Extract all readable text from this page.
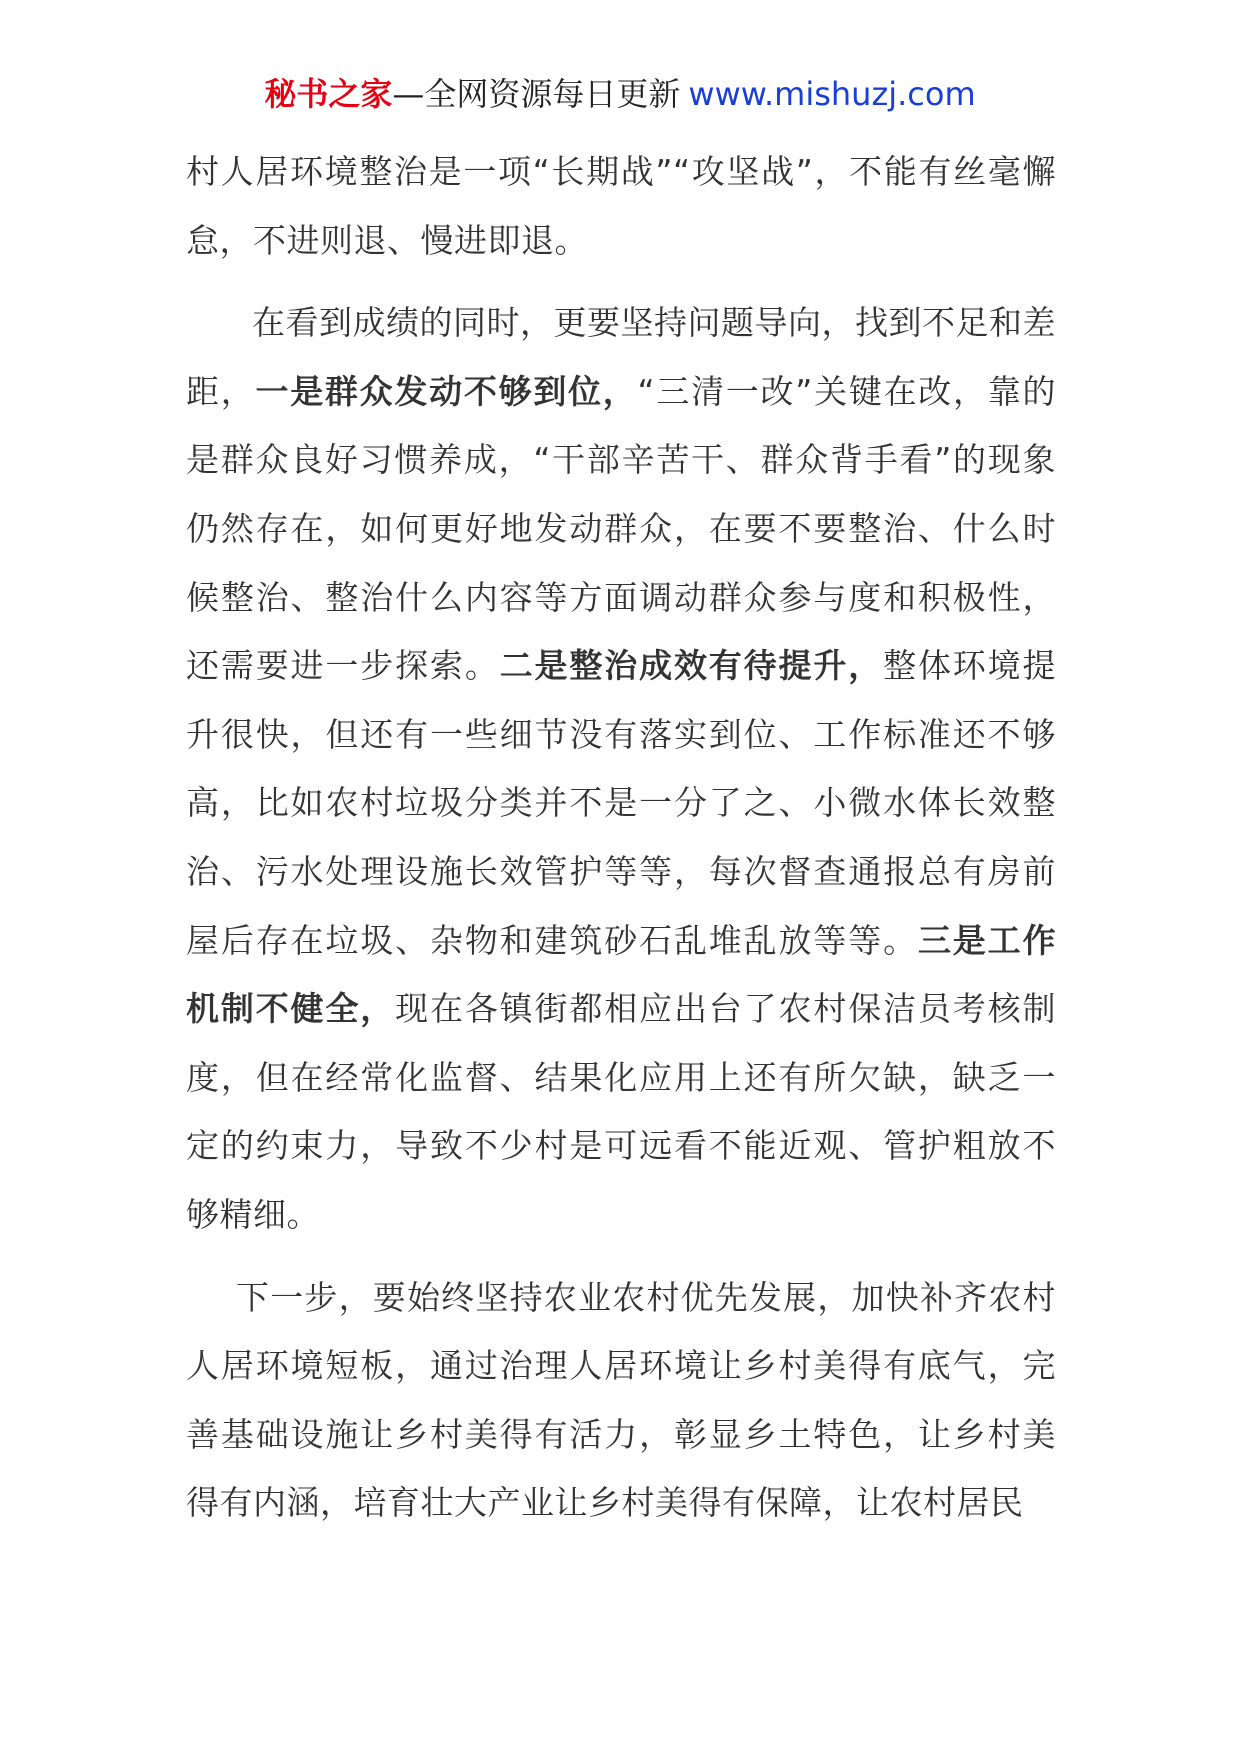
秘书之家—全网资源每日更新 www.mishuzj.com

村人居环境整治是一项“长期战”“攻坚战”，不能有丝毫懈怠，不进则退、慢进即退。

在看到成绩的同时，更要坚持问题导向，找到不足和差距，一是群众发动不够到位，“三清一改”关键在改，靠的是群众良好习惯养成，“干部辛苦干、群众背手看”的现象仍然存在，如何更好地发动群众，在要不要整治、什么时候整治、整治什么内容等方面调动群众参与度和积极性，还需要进一步探索。二是整治成效有待提升，整体环境提升很快，但还有一些细节没有落实到位、工作标准还不够高，比如农村垃圾分类并不是一分了之、小微水体长效整治、污水处理设施长效管护等等，每次督查通报总有房前屋后存在垃圾、杂物和建筑砂石乱堆乱放等等。三是工作机制不健全，现在各镇街都相应出台了农村保洁员考核制度，但在经常化监督、结果化应用上还有所欠缺，缺乏一定的约束力，导致不少村是可远看不能近观、管护粗放不够精细。

下一步，要始终坚持农业农村优先发展，加快补齐农村人居环境短板，通过治理人居环境让乡村美得有底气，完善基础设施让乡村美得有活力，彰显乡土特色，让乡村美得有内涵，培育壮大产业让乡村美得有保障，让农村居民
